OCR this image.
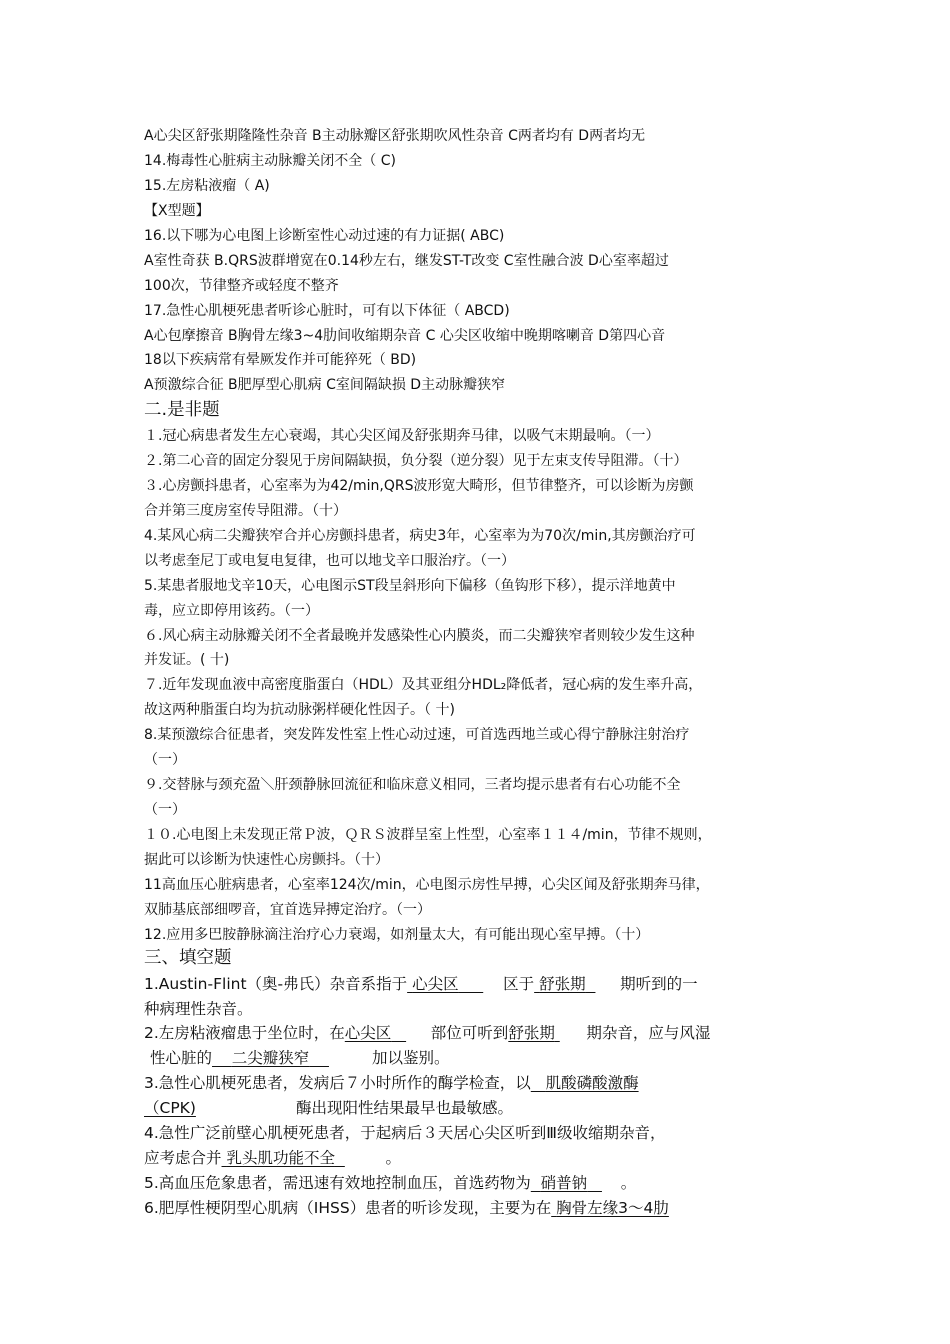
A心尖区舒张期隆隆性杂音 B主动脉瓣区舒张期吹风性杂音 C两者均有 D两者均无
14.梅毒性心脏病主动脉瓣关闭不全（ C)
15.左房粘液瘤（ A)
【X型题】
16.以下哪为心电图上诊断室性心动过速的有力证据( ABC)
A室性奇获 B.QRS波群增宽在0.14秒左右，继发ST-T改变 C室性融合波 D心室率超过
100次，节律整齐或轻度不整齐
17.急性心肌梗死患者听诊心脏时，可有以下体征（ ABCD)
A心包摩擦音 B胸骨左缘3~4肋间收缩期杂音 C 心尖区收缩中晚期喀喇音 D第四心音
18以下疾病常有晕厥发作并可能猝死（ BD)
A预激综合征 B肥厚型心肌病 C室间隔缺损 D主动脉瓣狭窄
二.是非题
１.冠心病患者发生左心衰竭，其心尖区闻及舒张期奔马律，以吸气末期最响。（一）
２.第二心音的固定分裂见于房间隔缺损，负分裂（逆分裂）见于左束支传导阻滞。（十）
３.心房颤抖患者，心室率为为42/min,QRS波形宽大畸形，但节律整齐，可以诊断为房颤
合并第三度房室传导阻滞。（十）
4.某风心病二尖瓣狭窄合并心房颤抖患者，病史3年，心室率为为70次/min,其房颤治疗可
以考虑奎尼丁或电复电复律，也可以地戈辛口服治疗。（一）
5.某患者服地戈辛10天，心电图示ST段呈斜形向下偏移（鱼钩形下移），提示洋地黄中
毒，应立即停用该药。（一）
６.风心病主动脉瓣关闭不全者最晚并发感染性心内膜炎，而二尖瓣狭窄者则较少发生这种
并发证。( 十)
７.近年发现血液中高密度脂蛋白（HDL）及其亚组分HDL₂降低者，冠心病的发生率升高，
故这两种脂蛋白均为抗动脉粥样硬化性因子。（ 十)
8.某预激综合征患者，突发阵发性室上性心动过速，可首选西地兰或心得宁静脉注射治疗
（一）
９.交替脉与颈充盈＼肝颈静脉回流征和临床意义相同，三者均提示患者有右心功能不全
（一）
１０.心电图上未发现正常Ｐ波，ＱＲＳ波群呈室上性型，心室率１１４/min，节律不规则，
据此可以诊断为快速性心房颤抖。（十）
11高血压心脏病患者，心室率124次/min，心电图示房性早搏，心尖区闻及舒张期奔马律，
双肺基底部细啰音，宜首选异搏定治疗。（一）
12.应用多巴胺静脉滴注治疗心力衰竭，如剂量太大，有可能出现心室早搏。（十）
三、填空题
1.Austin-Flint（奥-弗氏）杂音系指于 心尖区	区于 舒张期 期听到的一
种病理性杂音。
2.左房粘液瘤患于坐位时，在心尖区	部位可听到舒张期 期杂音，应与风湿
性心脏的 二尖瓣狭窄	加以鉴别。
3.急性心肌梗死患者，发病后７小时所作的酶学检查，以 肌酸磷酸激酶
（CPK)	酶出现阳性结果最早也最敏感。
4.急性广泛前壁心肌梗死患者，于起病后３天居心尖区听到Ⅲ级收缩期杂音，
应考虑合并 乳头肌功能不全	。
5.高血压危象患者，需迅速有效地控制血压，首选药物为 硝普钠 。
6.肥厚性梗阴型心肌病（IHSS）患者的听诊发现，主要为在 胸骨左缘3～4肋
